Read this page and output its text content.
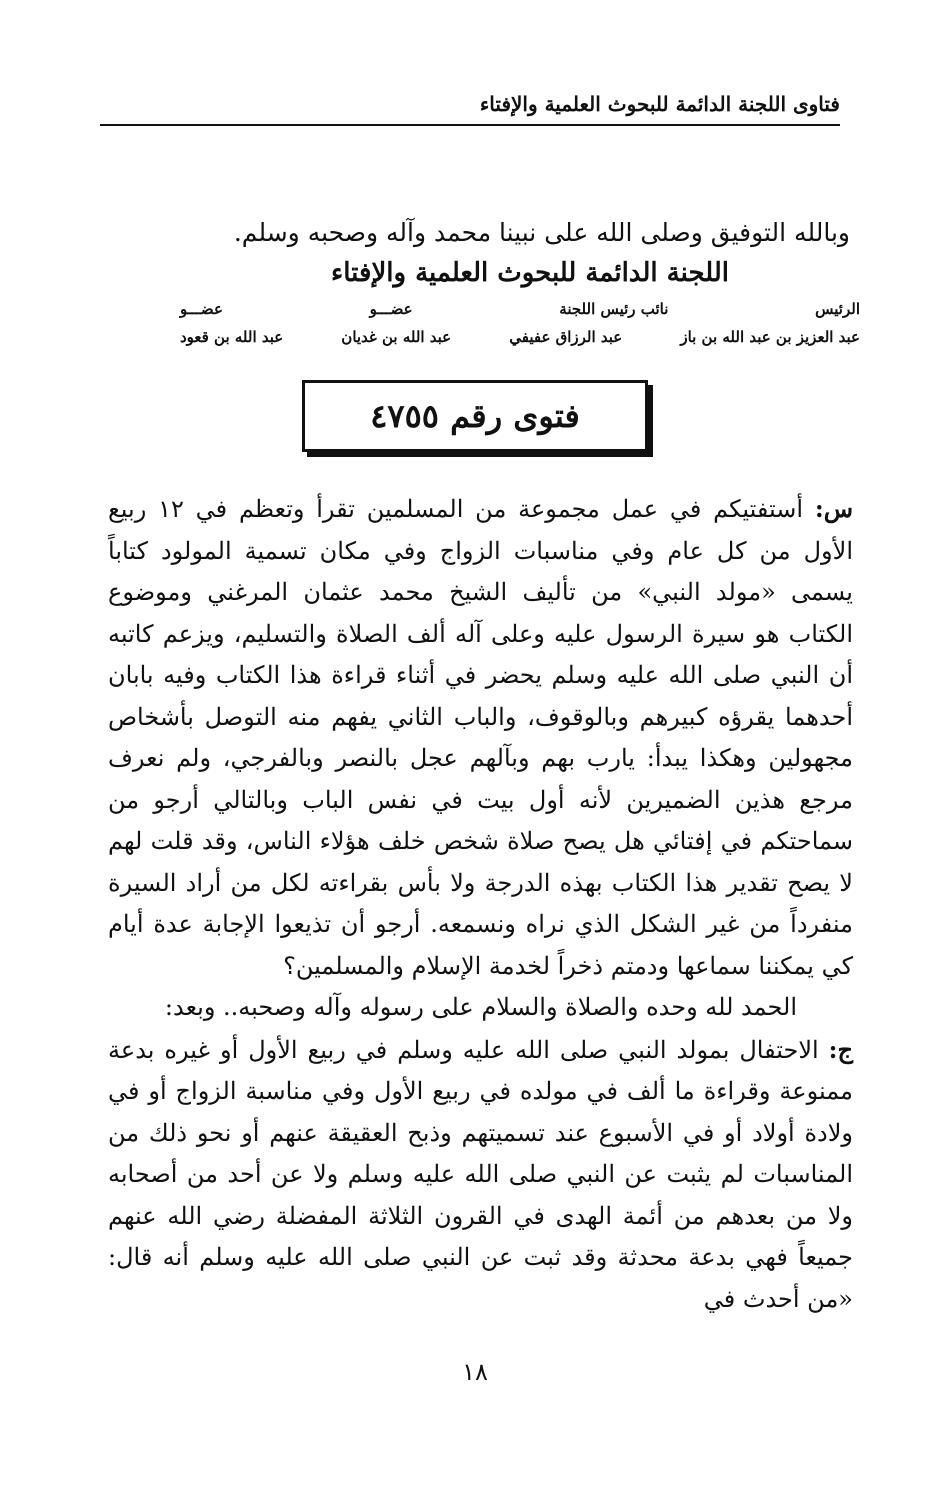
فتاوى اللجنة الدائمة للبحوث العلمية والإفتاء
وبالله التوفيق وصلى الله على نبينا محمد وآله وصحبه وسلم.
اللجنة الدائمة للبحوث العلمية والإفتاء
الرئيس
نائب رئيس اللجنة
عضـــو
عضـــو
عبد العزيز بن عبد الله بن باز
عبد الرزاق عفيفي
عبد الله بن غديان
عبد الله بن قعود
فتوى رقم ٤٧٥٥

س: أستفتيكم في عمل مجموعة من المسلمين تقرأ وتعظم في ١٢ ربيع الأول من كل عام وفي مناسبات الزواج وفي مكان تسمية المولود كتاباً يسمى «مولد النبي» من تأليف الشيخ محمد عثمان المرغني وموضوع الكتاب هو سيرة الرسول عليه وعلى آله ألف الصلاة والتسليم، ويزعم كاتبه أن النبي صلى الله عليه وسلم يحضر في أثناء قراءة هذا الكتاب وفيه بابان أحدهما يقرؤه كبيرهم وبالوقوف، والباب الثاني يفهم منه التوصل بأشخاص مجهولين وهكذا يبدأ: يارب بهم وبآلهم عجل بالنصر وبالفرجي، ولم نعرف مرجع هذين الضميرين لأنه أول بيت في نفس الباب وبالتالي أرجو من سماحتكم في إفتائي هل يصح صلاة شخص خلف هؤلاء الناس، وقد قلت لهم لا يصح تقدير هذا الكتاب بهذه الدرجة ولا بأس بقراءته لكل من أراد السيرة منفرداً من غير الشكل الذي نراه ونسمعه. أرجو أن تذيعوا الإجابة عدة أيام كي يمكننا سماعها ودمتم ذخراً لخدمة الإسلام والمسلمين؟

الحمد لله وحده والصلاة والسلام على رسوله وآله وصحبه.. وبعد:

ج: الاحتفال بمولد النبي صلى الله عليه وسلم في ربيع الأول أو غيره بدعة ممنوعة وقراءة ما ألف في مولده في ربيع الأول وفي مناسبة الزواج أو في ولادة أولاد أو في الأسبوع عند تسميتهم وذبح العقيقة عنهم أو نحو ذلك من المناسبات لم يثبت عن النبي صلى الله عليه وسلم ولا عن أحد من أصحابه ولا من بعدهم من أئمة الهدى في القرون الثلاثة المفضلة رضي الله عنهم جميعاً فهي بدعة محدثة وقد ثبت عن النبي صلى الله عليه وسلم أنه قال: «من أحدث في

١٨
